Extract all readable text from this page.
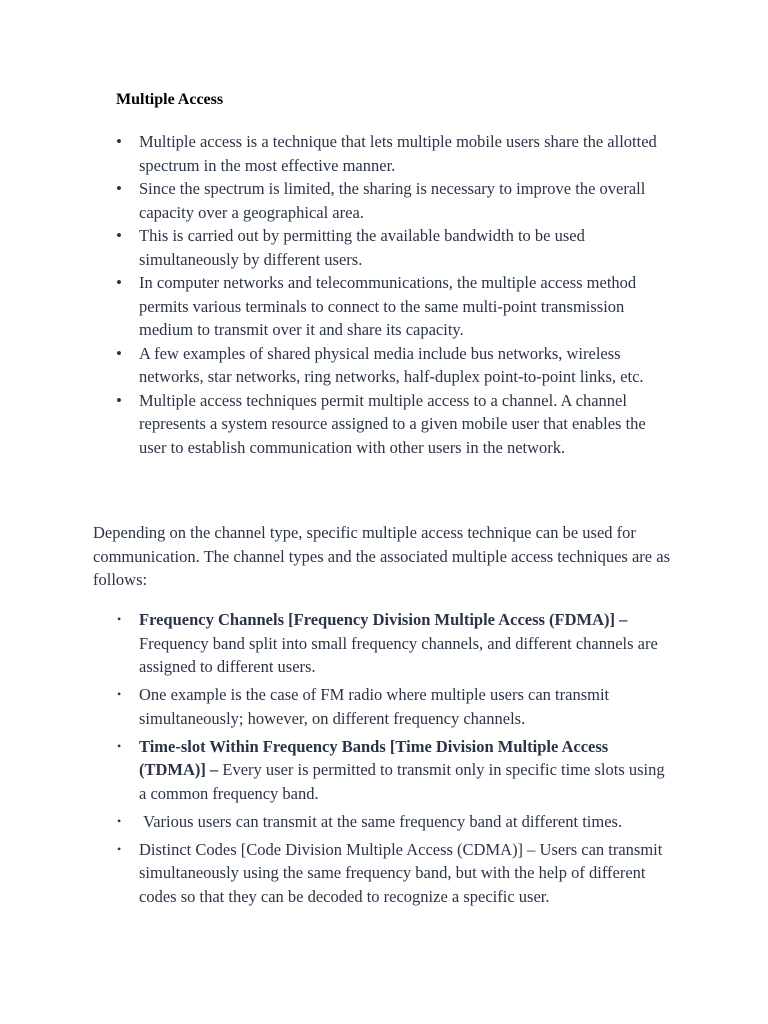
Multiple Access
• Multiple access is a technique that lets multiple mobile users share the allotted spectrum in the most effective manner.
• Since the spectrum is limited, the sharing is necessary to improve the overall capacity over a geographical area.
• This is carried out by permitting the available bandwidth to be used simultaneously by different users.
• In computer networks and telecommunications, the multiple access method permits various terminals to connect to the same multi-point transmission medium to transmit over it and share its capacity.
• A few examples of shared physical media include bus networks, wireless networks, star networks, ring networks, half-duplex point-to-point links, etc.
• Multiple access techniques permit multiple access to a channel. A channel represents a system resource assigned to a given mobile user that enables the user to establish communication with other users in the network.

Depending on the channel type, specific multiple access technique can be used for communication. The channel types and the associated multiple access techniques are as follows:

• Frequency Channels [Frequency Division Multiple Access (FDMA)] – Frequency band split into small frequency channels, and different channels are assigned to different users.
• One example is the case of FM radio where multiple users can transmit simultaneously; however, on different frequency channels.
• Time-slot Within Frequency Bands [Time Division Multiple Access (TDMA)] – Every user is permitted to transmit only in specific time slots using a common frequency band.
•  Various users can transmit at the same frequency band at different times.
• Distinct Codes [Code Division Multiple Access (CDMA)] – Users can transmit simultaneously using the same frequency band, but with the help of different codes so that they can be decoded to recognize a specific user.
